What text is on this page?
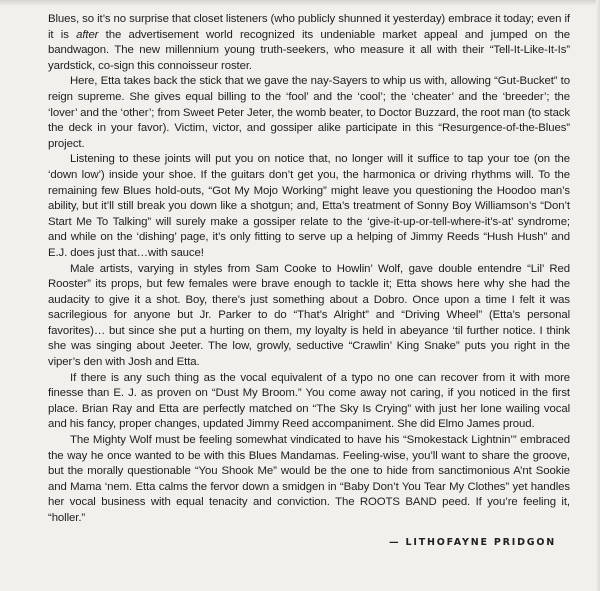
Blues, so it’s no surprise that closet listeners (who publicly shunned it yesterday) embrace it today; even if it is after the advertisement world recognized its undeniable market appeal and jumped on the bandwagon. The new millennium young truth-seekers, who measure it all with their “Tell-It-Like-It-Is” yardstick, co-sign this connoisseur roster.

Here, Etta takes back the stick that we gave the nay-Sayers to whip us with, allowing “Gut-Bucket” to reign supreme. She gives equal billing to the ‘fool’ and the ‘cool’; the ‘cheater’ and the ‘breeder’; the ‘lover’ and the ‘other’; from Sweet Peter Jeter, the womb beater, to Doctor Buzzard, the root man (to stack the deck in your favor). Victim, victor, and gossiper alike participate in this “Resurgence-of-the-Blues” project.

Listening to these joints will put you on notice that, no longer will it suffice to tap your toe (on the ‘down low’) inside your shoe. If the guitars don’t get you, the harmonica or driving rhythms will. To the remaining few Blues hold-outs, “Got My Mojo Working” might leave you questioning the Hoodoo man’s ability, but it’ll still break you down like a shotgun; and, Etta’s treatment of Sonny Boy Williamson’s “Don’t Start Me To Talking” will surely make a gossiper relate to the ‘give-it-up-or-tell-where-it’s-at’ syndrome; and while on the ‘dishing’ page, it’s only fitting to serve up a helping of Jimmy Reeds “Hush Hush” and E.J. does just that…with sauce!

Male artists, varying in styles from Sam Cooke to Howlin’ Wolf, gave double entendre “Lil’ Red Rooster” its props, but few females were brave enough to tackle it; Etta shows here why she had the audacity to give it a shot. Boy, there’s just something about a Dobro. Once upon a time I felt it was sacrilegious for anyone but Jr. Parker to do “That’s Alright” and “Driving Wheel” (Etta’s personal favorites)… but since she put a hurting on them, my loyalty is held in abeyance ‘til further notice. I think she was singing about Jeeter. The low, growly, seductive “Crawlin’ King Snake” puts you right in the viper’s den with Josh and Etta.

If there is any such thing as the vocal equivalent of a typo no one can recover from it with more finesse than E. J. as proven on “Dust My Broom.” You come away not caring, if you noticed in the first place. Brian Ray and Etta are perfectly matched on “The Sky Is Crying” with just her lone wailing vocal and his fancy, proper changes, updated Jimmy Reed accompaniment. She did Elmo James proud.

The Mighty Wolf must be feeling somewhat vindicated to have his “Smokestack Lightnin’” embraced the way he once wanted to be with this Blues Mandamas. Feeling-wise, you’ll want to share the groove, but the morally questionable “You Shook Me” would be the one to hide from sanctimonious A’nt Sookie and Mama ‘nem. Etta calms the fervor down a smidgen in “Baby Don’t You Tear My Clothes” yet handles her vocal business with equal tenacity and conviction. The ROOTS BAND peed. If you’re feeling it, “holler.”

— LITHOFAYNE PRIDGON
